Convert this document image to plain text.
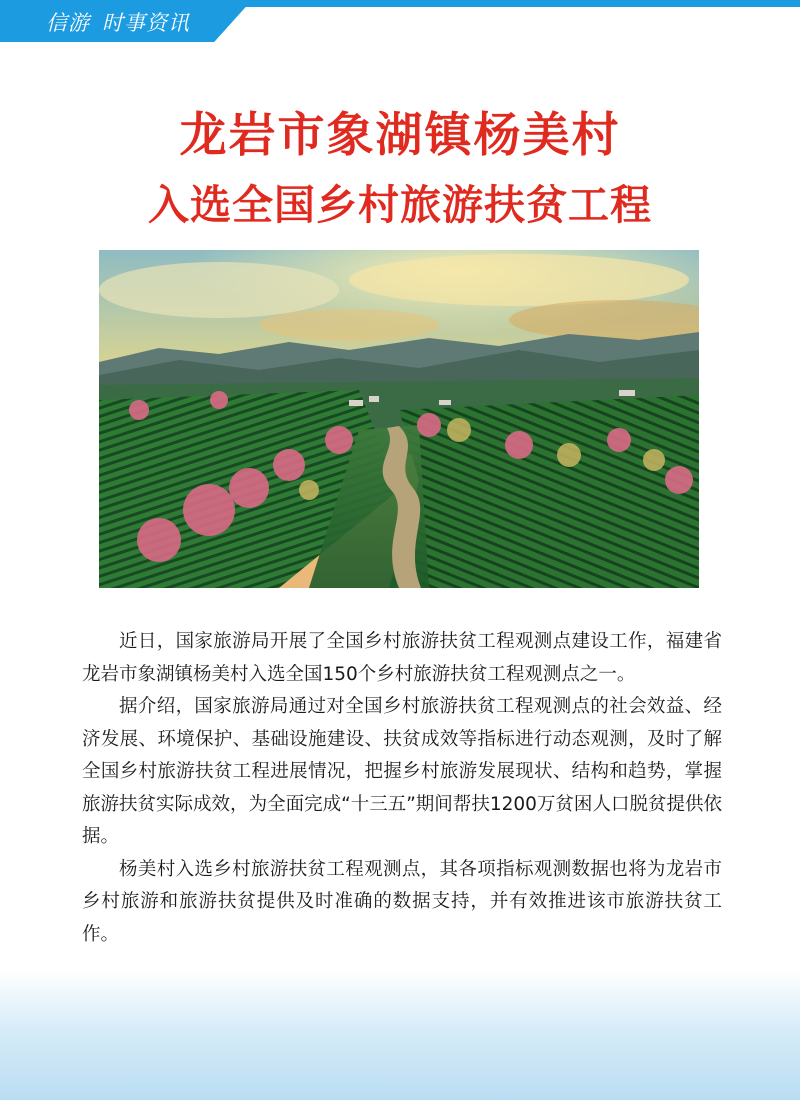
信游 时事资讯
龙岩市象湖镇杨美村
入选全国乡村旅游扶贫工程

近日，国家旅游局开展了全国乡村旅游扶贫工程观测点建设工作，福建省龙岩市象湖镇杨美村入选全国150个乡村旅游扶贫工程观测点之一。

据介绍，国家旅游局通过对全国乡村旅游扶贫工程观测点的社会效益、经济发展、环境保护、基础设施建设、扶贫成效等指标进行动态观测，及时了解全国乡村旅游扶贫工程进展情况，把握乡村旅游发展现状、结构和趋势，掌握旅游扶贫实际成效，为全面完成“十三五”期间帮扶1200万贫困人口脱贫提供依据。

杨美村入选乡村旅游扶贫工程观测点，其各项指标观测数据也将为龙岩市乡村旅游和旅游扶贫提供及时准确的数据支持，并有效推进该市旅游扶贫工作。
